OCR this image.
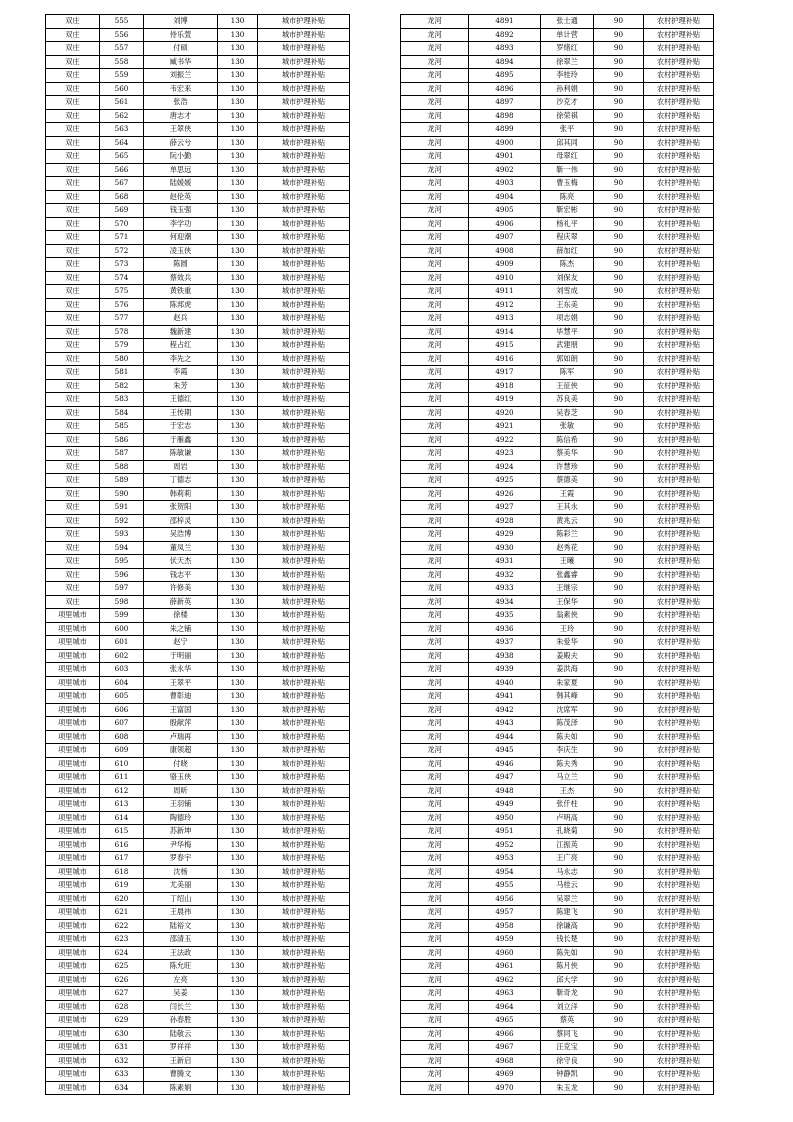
双庄	555	刘博	130	城市护理补贴
双庄	556	侍乐萱	130	城市护理补贴
双庄	557	付硕	130	城市护理补贴
双庄	558	臧书华	130	城市护理补贴
双庄	559	刘振兰	130	城市护理补贴
双庄	560	韦宏来	130	城市护理补贴
双庄	561	张浩	130	城市护理补贴
双庄	562	唐志才	130	城市护理补贴
双庄	563	王翠侠	130	城市护理补贴
双庄	564	薛云兮	130	城市护理补贴
双庄	565	阮小勤	130	城市护理补贴
双庄	566	单思远	130	城市护理补贴
双庄	567	陆媛媛	130	城市护理补贴
双庄	568	赵伦英	130	城市护理补贴
双庄	569	钱玉强	130	城市护理补贴
双庄	570	李学功	130	城市护理补贴
双庄	571	何迎潮	130	城市护理补贴
双庄	572	凌玉侠	130	城市护理补贴
双庄	573	陈圆	130	城市护理补贴
双庄	574	蔡效兵	130	城市护理补贴
双庄	575	黄铁重	130	城市护理补贴
双庄	576	陈邦虎	130	城市护理补贴
双庄	577	赵兵	130	城市护理补贴
双庄	578	魏新建	130	城市护理补贴
双庄	579	程占红	130	城市护理补贴
双庄	580	李先之	130	城市护理补贴
双庄	581	李霞	130	城市护理补贴
双庄	582	朱芳	130	城市护理补贴
双庄	583	王德红	130	城市护理补贴
双庄	584	王传期	130	城市护理补贴
双庄	585	于宏志	130	城市护理补贴
双庄	586	于雁鑫	130	城市护理补贴
双庄	587	陈敏谦	130	城市护理补贴
双庄	588	周岩	130	城市护理补贴
双庄	589	丁德志	130	城市护理补贴
双庄	590	韩莉莉	130	城市护理补贴
双庄	591	张贺阳	130	城市护理补贴
双庄	592	邵梓灵	130	城市护理补贴
双庄	593	吴浩博	130	城市护理补贴
双庄	594	董凤兰	130	城市护理补贴
双庄	595	伏天杰	130	城市护理补贴
双庄	596	钱志平	130	城市护理补贴
双庄	597	许修美	130	城市护理补贴
双庄	598	薛新英	130	城市护理补贴
项里城市	599	徐楼	130	城市护理补贴
项里城市	600	朱之铺	130	城市护理补贴
项里城市	601	赵宁	130	城市护理补贴
项里城市	602	于明丽	130	城市护理补贴
项里城市	603	张永华	130	城市护理补贴
项里城市	604	王翠平	130	城市护理补贴
项里城市	605	曹彰迪	130	城市护理补贴
项里城市	606	王富国	130	城市护理补贴
项里城市	607	殷献萍	130	城市护理补贴
项里城市	608	卢瑞再	130	城市护理补贴
项里城市	609	康领超	130	城市护理补贴
项里城市	610	付晓	130	城市护理补贴
项里城市	611	骆玉侠	130	城市护理补贴
项里城市	612	周昕	130	城市护理补贴
项里城市	613	王羽铺	130	城市护理补贴
项里城市	614	陶德玲	130	城市护理补贴
项里城市	615	苏新坤	130	城市护理补贴
项里城市	616	尹华梅	130	城市护理补贴
项里城市	617	罗春宇	130	城市护理补贴
项里城市	618	沈杨	130	城市护理补贴
项里城市	619	尤美丽	130	城市护理补贴
项里城市	620	丁绍山	130	城市护理补贴
项里城市	621	王晨祎	130	城市护理补贴
项里城市	622	陆裕文	130	城市护理补贴
项里城市	623	邵清玉	130	城市护理补贴
项里城市	624	王法政	130	城市护理补贴
项里城市	625	陈允旺	130	城市护理补贴
项里城市	626	左亮	130	城市护理补贴
项里城市	627	吴姜	130	城市护理补贴
项里城市	628	闫长兰	130	城市护理补贴
项里城市	629	孙春胜	130	城市护理补贴
项里城市	630	陆敬云	130	城市护理补贴
项里城市	631	罗祥祥	130	城市护理补贴
项里城市	632	王新启	130	城市护理补贴
项里城市	633	曹腾文	130	城市护理补贴
项里城市	634	陈素娟	130	城市护理补贴
龙河	4891	张士通	90	农村护理补贴
龙河	4892	单计营	90	农村护理补贴
龙河	4893	罗绪红	90	农村护理补贴
龙河	4894	徐翠兰	90	农村护理补贴
龙河	4895	李桂玲	90	农村护理补贴
龙河	4896	孙利娟	90	农村护理补贴
龙河	4897	沙克才	90	农村护理补贴
龙河	4898	徐荣祺	90	农村护理补贴
龙河	4899	张平	90	农村护理补贴
龙河	4900	邱其同	90	农村护理补贴
龙河	4901	母翠红	90	农村护理补贴
龙河	4902	靳一伟	90	农村护理补贴
龙河	4903	曹玉梅	90	农村护理补贴
龙河	4904	陈亮	90	农村护理补贴
龙河	4905	靳宏彬	90	农村护理补贴
龙河	4906	杨礼平	90	农村护理补贴
龙河	4907	程庆翠	90	农村护理补贴
龙河	4908	薛加红	90	农村护理补贴
龙河	4909	陈杰	90	农村护理补贴
龙河	4910	刘保友	90	农村护理补贴
龙河	4911	刘雪成	90	农村护理补贴
龙河	4912	王东美	90	农村护理补贴
龙河	4913	项志娟	90	农村护理补贴
龙河	4914	毕慧平	90	农村护理补贴
龙河	4915	武建朋	90	农村护理补贴
龙河	4916	郭如朗	90	农村护理补贴
龙河	4917	陈军	90	农村护理补贴
龙河	4918	王征侠	90	农村护理补贴
龙河	4919	苏良美	90	农村护理补贴
龙河	4920	吴春芝	90	农村护理补贴
龙河	4921	张敏	90	农村护理补贴
龙河	4922	陈信希	90	农村护理补贴
龙河	4923	蔡美华	90	农村护理补贴
龙河	4924	许慧珍	90	农村护理补贴
龙河	4925	蔡德美	90	农村护理补贴
龙河	4926	王霞	90	农村护理补贴
龙河	4927	王其永	90	农村护理补贴
龙河	4928	黄兆云	90	农村护理补贴
龙河	4929	陈彩兰	90	农村护理补贴
龙河	4930	赵秀花	90	农村护理补贴
龙河	4931	王曦	90	农村护理补贴
龙河	4932	张鑫睿	90	农村护理补贴
龙河	4933	王继宗	90	农村护理补贴
龙河	4934	王保华	90	农村护理补贴
龙河	4935	翁素侠	90	农村护理补贴
龙河	4936	王玲	90	农村护理补贴
龙河	4937	朱爱华	90	农村护理补贴
龙河	4938	姜殿夫	90	农村护理补贴
龙河	4939	姜洪海	90	农村护理补贴
龙河	4940	朱家夏	90	农村护理补贴
龙河	4941	韩其峰	90	农村护理补贴
龙河	4942	沈席军	90	农村护理补贴
龙河	4943	陈茂泽	90	农村护理补贴
龙河	4944	陈夫如	90	农村护理补贴
龙河	4945	李庆生	90	农村护理补贴
龙河	4946	陈夫秀	90	农村护理补贴
龙河	4947	马立兰	90	农村护理补贴
龙河	4948	王杰	90	农村护理补贴
龙河	4949	张仟柱	90	农村护理补贴
龙河	4950	卢明高	90	农村护理补贴
龙河	4951	孔晓菊	90	农村护理补贴
龙河	4952	江振英	90	农村护理补贴
龙河	4953	王广亮	90	农村护理补贴
龙河	4954	马永志	90	农村护理补贴
龙河	4955	马桂云	90	农村护理补贴
龙河	4956	吴翠兰	90	农村护理补贴
龙河	4957	陈建飞	90	农村护理补贴
龙河	4958	徐谦高	90	农村护理补贴
龙河	4959	钱长楚	90	农村护理补贴
龙河	4960	陈先如	90	农村护理补贴
龙河	4961	陈月侠	90	农村护理补贴
龙河	4962	邱大学	90	农村护理补贴
龙河	4963	靳奇龙	90	农村护理补贴
龙河	4964	刘立洋	90	农村护理补贴
龙河	4965	蔡英	90	农村护理补贴
龙河	4966	蔡同飞	90	农村护理补贴
龙河	4967	汪克宝	90	农村护理补贴
龙河	4968	徐守良	90	农村护理补贴
龙河	4969	钟静凯	90	农村护理补贴
龙河	4970	朱玉龙	90	农村护理补贴
